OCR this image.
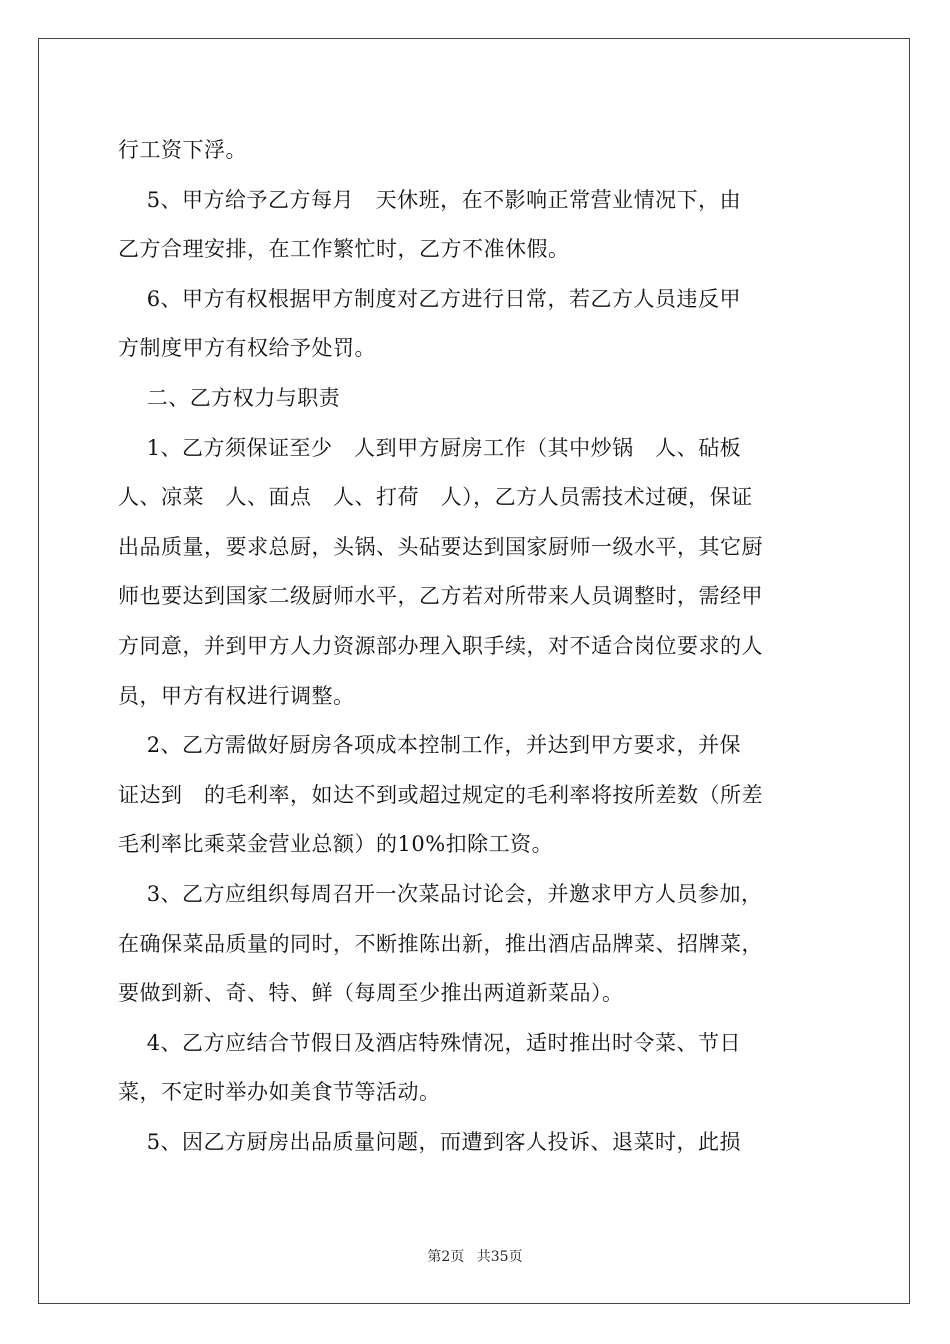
行工资下浮。
5、甲方给予乙方每月   天休班，在不影响正常营业情况下，由
乙方合理安排，在工作繁忙时，乙方不准休假。
6、甲方有权根据甲方制度对乙方进行日常，若乙方人员违反甲
方制度甲方有权给予处罚。
二、乙方权力与职责
1、乙方须保证至少   人到甲方厨房工作（其中炒锅   人、砧板
人、凉菜   人、面点   人、打荷   人），乙方人员需技术过硬，保证
出品质量，要求总厨，头锅、头砧要达到国家厨师一级水平，其它厨
师也要达到国家二级厨师水平，乙方若对所带来人员调整时，需经甲
方同意，并到甲方人力资源部办理入职手续，对不适合岗位要求的人
员，甲方有权进行调整。
2、乙方需做好厨房各项成本控制工作，并达到甲方要求，并保
证达到   的毛利率，如达不到或超过规定的毛利率将按所差数（所差
毛利率比乘菜金营业总额）的10%扣除工资。
3、乙方应组织每周召开一次菜品讨论会，并邀求甲方人员参加，
在确保菜品质量的同时，不断推陈出新，推出酒店品牌菜、招牌菜，
要做到新、奇、特、鲜（每周至少推出两道新菜品）。
4、乙方应结合节假日及酒店特殊情况，适时推出时令菜、节日
菜，不定时举办如美食节等活动。
5、因乙方厨房出品质量问题，而遭到客人投诉、退菜时，此损
第2页 共35页
